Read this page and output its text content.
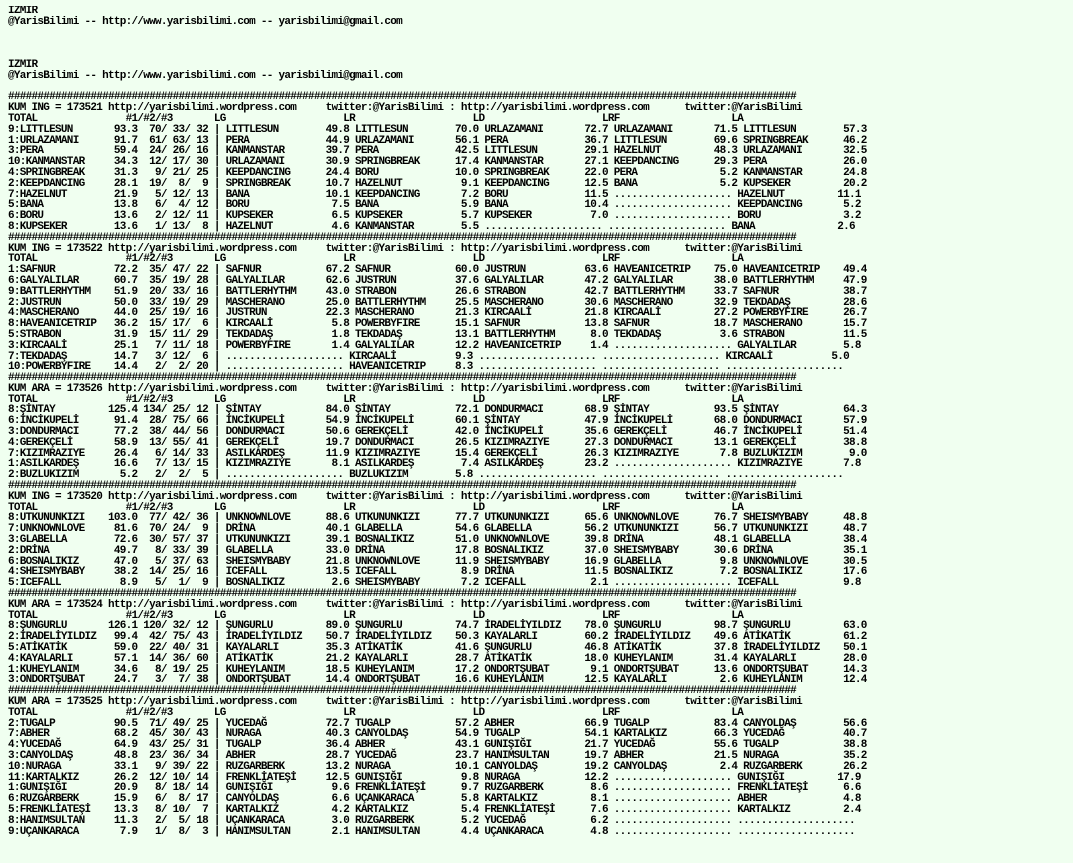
IZMIR
@YarisBilimi -- http://www.yarisbilimi.com -- yarisbilimi@gmail.com

IZMIR
@YarisBilimi -- http://www.yarisbilimi.com -- yarisbilimi@gmail.com

######################################################################################################################################
KUM ING = 173521 http://yarisbilimi.wordpress.com     twitter:@YarisBilimi : http://yarisbilimi.wordpress.com      twitter:@YarisBilimi
TOTAL               #1/#2/#3       LG                    LR                    LD                    LRF                   LA
9:LITTLESUN       93.3  70/ 33/ 32 | LITTLESUN        49.8 LITTLESUN        70.0 URLAZAMANI       72.7 URLAZAMANI       71.5 LITTLESUN        57.3
1:URLAZAMANI      91.7  61/ 63/ 13 | PERA             44.9 URLAZAMANI       56.1 PERA             36.7 LITTLESUN        69.6 SPRINGBREAK      46.2
3:PERA            59.4  24/ 26/ 16 | KANMANSTAR       39.7 PERA             42.5 LITTLESUN        29.1 HAZELNUT         48.3 URLAZAMANI       32.5
10:KANMANSTAR     34.3  12/ 17/ 30 | URLAZAMANI       30.9 SPRINGBREAK      17.4 KANMANSTAR       27.1 KEEPDANCING      29.3 PERA             26.0
4:SPRINGBREAK     31.3   9/ 21/ 25 | KEEPDANCING      24.4 BORU             10.0 SPRINGBREAK      22.0 PERA              5.2 KANMANSTAR       24.8
2:KEEPDANCING     28.1  19/  8/  9 | SPRINGBREAK      10.7 HAZELNUT          9.1 KEEPDANCING      12.5 BANA              5.2 KUPSEKER         20.2
7:HAZELNUT        21.9   5/ 12/ 13 | BANA             10.1 KEEPDANCING       7.2 BORU             11.5 .................... HAZELNUT         11.1
5:BANA            13.8   6/  4/ 12 | BORU              7.5 BANA              5.9 BANA             10.4 .................... KEEPDANCING       5.2
6:BORU            13.6   2/ 12/ 11 | KUPSEKER          6.5 KUPSEKER          5.7 KUPSEKER          7.0 .................... BORU              3.2
8:KUPSEKER        13.6   1/ 13/  8 | HAZELNUT          4.6 KANMANSTAR        5.5 .................... .................... BANA              2.6
######################################################################################################################################
KUM ING = 173522 http://yarisbilimi.wordpress.com     twitter:@YarisBilimi : http://yarisbilimi.wordpress.com      twitter:@YarisBilimi
TOTAL               #1/#2/#3       LG                    LR                    LD                    LRF                   LA
1:SAFNUR          72.2  35/ 47/ 22 | SAFNUR           67.2 SAFNUR           60.0 JUSTRUN          63.6 HAVEANICETRIP    75.0 HAVEANICETRIP    49.4
6:GALYALILAR      60.7  35/ 19/ 28 | GALYALILAR       62.6 JUSTRUN          37.6 GALYALILAR       47.2 GALYALILAR       38.0 BATTLERHYTHM     47.9
9:BATTLERHYTHM    51.9  20/ 33/ 16 | BATTLERHYTHM     43.0 STRABON          26.6 STRABON          42.7 BATTLERHYTHM     33.7 SAFNUR           38.7
2:JUSTRUN         50.0  33/ 19/ 29 | MASCHERANO       25.0 BATTLERHYTHM     25.5 MASCHERANO       30.6 MASCHERANO       32.9 TEKDADAŞ         28.6
4:MASCHERANO      44.0  25/ 19/ 16 | JUSTRUN          22.3 MASCHERANO       21.3 KIRCAALİ         21.8 KIRCAALİ         27.2 POWERBYFIRE      26.7
8:HAVEANICETRIP   36.2  15/ 17/  6 | KIRCAALİ          5.8 POWERBYFIRE      15.1 SAFNUR           13.8 SAFNUR           18.7 MASCHERANO       15.7
5:STRABON         31.9  15/ 11/ 29 | TEKDADAŞ          1.8 TEKDADAŞ         13.1 BATTLERHYTHM      8.0 TEKDADAŞ          3.6 STRABON          11.5
3:KIRCAALİ        25.1   7/ 11/ 18 | POWERBYFIRE       1.4 GALYALILAR       12.2 HAVEANICETRIP     1.4 .................... GALYALILAR        5.8
7:TEKDADAŞ        14.7   3/ 12/  6 | .................... KIRCAALİ          9.3 .................... .................... KIRCAALİ          5.0
10:POWERBYFIRE    14.4   2/  2/ 20 | .................... HAVEANICETRIP     8.3 .................... .................... ....................
######################################################################################################################################
KUM ARA = 173526 http://yarisbilimi.wordpress.com     twitter:@YarisBilimi : http://yarisbilimi.wordpress.com      twitter:@YarisBilimi
TOTAL               #1/#2/#3       LG                    LR                    LD                    LRF                   LA
8:ŞİNTAY         125.4 134/ 25/ 12 | ŞİNTAY           84.0 ŞİNTAY           72.1 DONDURMACI       68.9 ŞİNTAY           93.5 ŞİNTAY           64.3
6:İNCİKUPELİ      91.4  28/ 75/ 66 | İNCİKUPELİ       54.9 İNCİKUPELİ       60.1 ŞİNTAY           47.9 İNCİKUPELİ       68.0 DONDURMACI       57.9
3:DONDURMACI      77.2  38/ 44/ 56 | DONDURMACI       50.6 GEREKÇELİ        42.0 İNCİKUPELİ       35.6 GEREKÇELİ        46.7 İNCİKUPELİ       51.4
4:GEREKÇELİ       58.9  13/ 55/ 41 | GEREKÇELİ        19.7 DONDURMACI       26.5 KIZIMRAZIYE      27.3 DONDURMACI       13.1 GEREKÇELİ        38.8
7:KIZIMRAZIYE     26.4   6/ 14/ 33 | ASILKARDEŞ       11.9 KIZIMRAZIYE      15.4 GEREKÇELİ        26.3 KIZIMRAZIYE       7.8 BUZLUKIZIM        9.0
1:ASILKARDEŞ      16.6   7/ 13/ 15 | KIZIMRAZIYE       8.1 ASILKARDEŞ        7.4 ASILKARDEŞ       23.2 .................... KIZIMRAZIYE       7.8
2:BUZLUKIZIM       5.2   2/  2/  5 | .................... BUZLUKIZIM        5.8 .................... .................... ....................
######################################################################################################################################
KUM ING = 173520 http://yarisbilimi.wordpress.com     twitter:@YarisBilimi : http://yarisbilimi.wordpress.com      twitter:@YarisBilimi
TOTAL               #1/#2/#3       LG                    LR                    LD                    LRF                   LA
8:UTKUNUNKIZI    103.0  77/ 42/ 36 | UNKNOWNLOVE      88.6 UTKUNUNKIZI      77.7 UTKUNUNKIZI      65.6 UNKNOWNLOVE      76.7 SHEISMYBABY      48.8
7:UNKNOWNLOVE     81.6  70/ 24/  9 | DRİNA            40.1 GLABELLA         54.6 GLABELLA         56.2 UTKUNUNKIZI      56.7 UTKUNUNKIZI      48.7
3:GLABELLA        72.6  30/ 57/ 37 | UTKUNUNKIZI      39.1 BOSNALIKIZ       51.0 UNKNOWNLOVE      39.8 DRİNA            48.1 GLABELLA         38.4
2:DRİNA           49.7   8/ 33/ 39 | GLABELLA         33.0 DRİNA            17.8 BOSNALIKIZ       37.0 SHEISMYBABY      30.6 DRİNA            35.1
6:BOSNALIKIZ      47.0   5/ 37/ 63 | SHEISMYBABY      21.8 UNKNOWNLOVE      11.9 SHEISMYBABY      16.9 GLABELLA          9.8 UNKNOWNLOVE      30.5
4:SHEISMYBABY     38.2  14/ 25/ 16 | ICEFALL          13.5 ICEFALL           8.9 DRİNA            11.5 BOSNALIKIZ        7.2 BOSNALIKIZ       17.6
5:ICEFALL          8.9   5/  1/  9 | BOSNALIKIZ        2.6 SHEISMYBABY       7.2 ICEFALL           2.1 .................... ICEFALL           9.8
######################################################################################################################################
KUM ARA = 173524 http://yarisbilimi.wordpress.com     twitter:@YarisBilimi : http://yarisbilimi.wordpress.com      twitter:@YarisBilimi
TOTAL               #1/#2/#3       LG                    LR                    LD                    LRF                   LA
8:ŞUNGURLU       126.1 120/ 32/ 12 | ŞUNGURLU         89.0 ŞUNGURLU         74.7 İRADELİYILDIZ    78.0 ŞUNGURLU         98.7 ŞUNGURLU         63.0
2:İRADELİYILDIZ   99.4  42/ 75/ 43 | İRADELİYILDIZ    50.7 İRADELİYILDIZ    50.3 KAYALARLI        60.2 İRADELİYILDIZ    49.6 ATİKATİK         61.2
5:ATİKATİK        59.0  22/ 40/ 31 | KAYALARLI        35.3 ATİKATİK         41.6 ŞUNGURLU         46.8 ATİKATİK         37.8 İRADELİYILDIZ    50.1
4:KAYALARLI       57.1  14/ 36/ 60 | ATİKATİK         21.2 KAYALARLI        28.7 ATİKATİK         18.0 KUHEYLANIM       31.4 KAYALARLI        28.0
1:KUHEYLANIM      34.6   8/ 19/ 25 | KUHEYLANIM       18.5 KUHEYLANIM       17.2 ONDORTŞUBAT       9.1 ONDORTŞUBAT      13.6 ONDORTŞUBAT      14.3
3:ONDORTŞUBAT     24.7   3/  7/ 38 | ONDORTŞUBAT      14.4 ONDORTŞUBAT      16.6 KUHEYLANIM       12.5 KAYALARLI         2.6 KUHEYLANIM       12.4
######################################################################################################################################
KUM ARA = 173525 http://yarisbilimi.wordpress.com     twitter:@YarisBilimi : http://yarisbilimi.wordpress.com      twitter:@YarisBilimi
TOTAL               #1/#2/#3       LG                    LR                    LD                    LRF                   LA
2:TUGALP          90.5  71/ 49/ 25 | YUCEDAĞ          72.7 TUGALP           57.2 ABHER            66.9 TUGALP           83.4 CANYOLDAŞ        56.6
7:ABHER           68.2  45/ 30/ 43 | NURAGA           40.3 CANYOLDAŞ        54.9 TUGALP           54.1 KARTALKIZ        66.3 YUCEDAĞ          40.7
4:YUCEDAĞ         64.9  43/ 25/ 31 | TUGALP           36.4 ABHER            43.1 GUNIŞIĞI         21.7 YUCEDAĞ          55.6 TUGALP           38.8
3:CANYOLDAŞ       48.8  23/ 36/ 34 | ABHER            28.7 YUCEDAĞ          23.7 HANIMSULTAN      19.7 ABHER            21.5 NURAGA           35.2
10:NURAGA         33.1   9/ 39/ 22 | RUZGARBERK       13.2 NURAGA           10.1 CANYOLDAŞ        19.2 CANYOLDAŞ         2.4 RUZGARBERK       26.2
11:KARTALKIZ      26.2  12/ 10/ 14 | FRENKLİATEŞİ     12.5 GUNIŞIĞI          9.8 NURAGA           12.2 .................... GUNIŞIĞI         17.9
1:GUNIŞIĞI        20.9   8/ 18/ 14 | GUNIŞIĞI          9.6 FRENKLİATEŞİ      9.7 RUZGARBERK        8.6 .................... FRENKLİATEŞİ      6.6
6:RUZGARBERK      15.9   6/  8/ 17 | CANYOLDAŞ         6.6 UÇANKARACA        5.8 KARTALKIZ         8.1 .................... ABHER             4.8
5:FRENKLİATEŞİ    13.3   8/ 10/  7 | KARTALKIZ         4.2 KARTALKIZ         5.4 FRENKLİATEŞİ      7.6 .................... KARTALKIZ         2.4
8:HANIMSULTAN     11.3   2/  5/ 18 | UÇANKARACA        3.0 RUZGARBERK        5.2 YUCEDAĞ           6.2 .................... ....................
9:UÇANKARACA       7.9   1/  8/  3 | HANIMSULTAN       2.1 HANIMSULTAN       4.4 UÇANKARACA        4.8 .................... ....................
